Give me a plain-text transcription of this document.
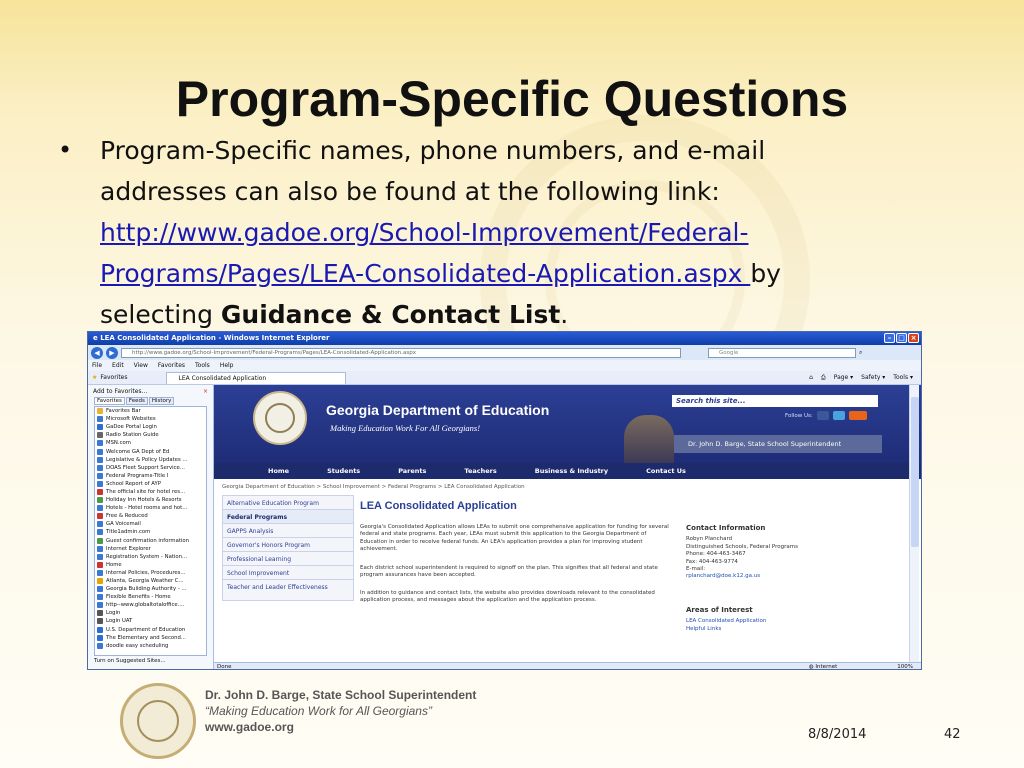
Program-Specific Questions
• Program-Specific names, phone numbers, and e-mail addresses can also be found at the following link: http://www.gadoe.org/School-Improvement/Federal-Programs/Pages/LEA-Consolidated-Application.aspx by selecting Guidance & Contact List.
e LEA Consolidated Application - Windows Internet Explorer	– □ ×
◀	▶	http://www.gadoe.org/School-Improvement/Federal-Programs/Pages/LEA-Consolidated-Application.aspx	Google	⌕
File Edit View Favorites Tools Help
★ Favorites	LEA Consolidated Application	⌂ ⎙ Page ▾ Safety ▾ Tools ▾
Add to Favorites...	×
Favorites	Feeds	History
Favorites Bar
Microsoft Websites
GaDoe Portal Login
Radio Station Guide
MSN.com
Welcome GA Dept of Ed
Legislative & Policy Updates ...
DOAS Fleet Support Service...
Federal Programs-Title I
School Report of AYP
The official site for hotel res...
Holiday Inn Hotels & Resorts
Hotels - Hotel rooms and hot...
Free & Reduced
GA Voicemail
Title1admin.com
Guest confirmation information
Internet Explorer
Registration System - Nation...
Home
Internal Policies, Procedures...
Atlanta, Georgia Weather C...
Georgia Building Authority - ...
Flexible Benefits - Home
http--www.globaltotaloffice....
Login
Login UAT
U.S. Department of Education
The Elementary and Second...
doodle easy scheduling
Turn on Suggested Sites...
Georgia Department of Education
Making Education Work For All Georgians!
Search this site...
Follow Us:
Dr. John D. Barge, State School Superintendent
Home	Students	Parents	Teachers	Business & Industry	Contact Us
Georgia Department of Education > School Improvement > Federal Programs > LEA Consolidated Application
Alternative Education Program
Federal Programs
GAPPS Analysis
Governor's Honors Program
Professional Learning
School Improvement
Teacher and Leader Effectiveness
LEA Consolidated Application
Georgia's Consolidated Application allows LEAs to submit one comprehensive application for funding for several federal and state programs. Each year, LEAs must submit this application to the Georgia Department of Education in order to receive federal funds. An LEA's application provides a plan for improving student achievement.
Each district school superintendent is required to signoff on the plan. This signifies that all federal and state program assurances have been accepted.
In addition to guidance and contact lists, the website also provides downloads relevant to the consolidated application process, and messages about the application and the application process.
Contact Information
Robyn Planchard
Distinguished Schools, Federal Programs
Phone: 404-463-3467
Fax: 404-463-9774
E-mail:
rplanchard@doe.k12.ga.us
Areas of Interest
LEA Consolidated Application
Helpful Links
Done	◍ Internet	100%
Dr. John D. Barge, State School Superintendent
“Making Education Work for All Georgians”
www.gadoe.org	8/8/2014	42
